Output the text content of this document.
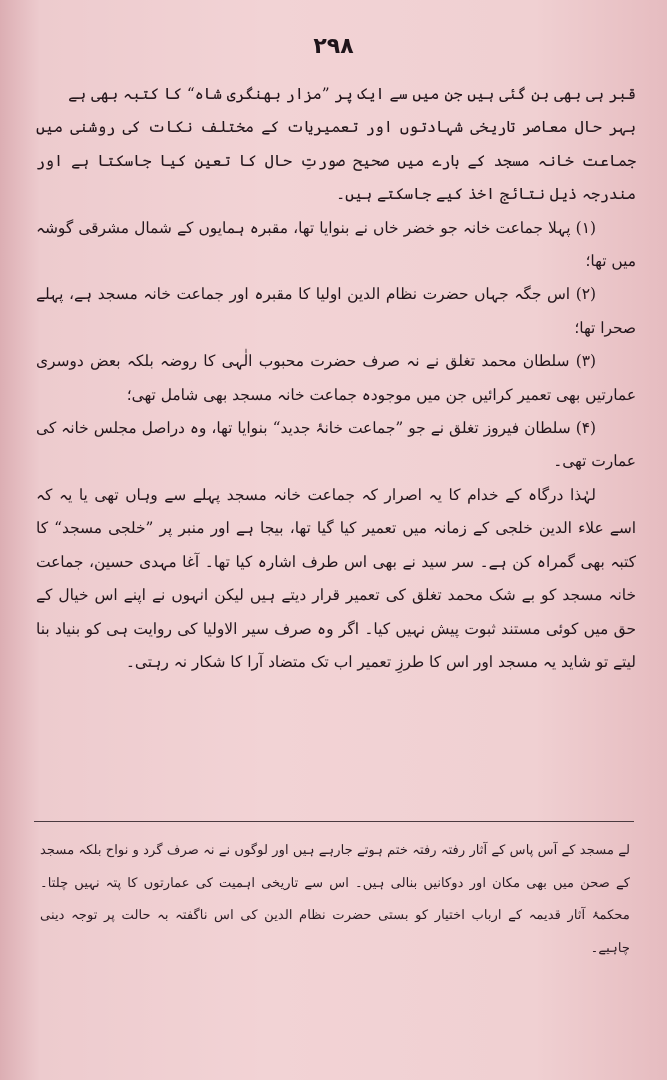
۲۹۸

قبر ہی بھی بن گئی ہیں جن میں سے ایک پر ”مزار بھنگری شاہ“ کا کتبہ بھی ہے

بہر حال معاصر تاریخی شہادتوں اور تعمیریات کے مختلف نکات کی روشنی میں جماعت خانہ مسجد کے بارے میں صحیح صورتِ حال کا تعین کیا جاسکتا ہے اور مندرجہ ذیل نتائج اخذ کیے جاسکتے ہیں۔

(۱) پہلا جماعت خانہ جو خضر خاں نے بنوایا تھا، مقبرہ ہمایوں کے شمال مشرقی گوشہ میں تھا؛

(۲) اس جگہ جہاں حضرت نظام الدین اولیا کا مقبرہ اور جماعت خانہ مسجد ہے، پہلے صحرا تھا؛

(۳) سلطان محمد تغلق نے نہ صرف حضرت محبوب الٰہی کا روضہ بلکہ بعض دوسری عمارتیں بھی تعمیر کرائیں جن میں موجودہ جماعت خانہ مسجد بھی شامل تھی؛

(۴) سلطان فیروز تغلق نے جو ”جماعت خانۂ جدید“ بنوایا تھا، وہ دراصل مجلس خانہ کی عمارت تھی۔

لہٰذا درگاہ کے خدام کا یہ اصرار کہ جماعت خانہ مسجد پہلے سے وہاں تھی یا یہ کہ اسے علاء الدین خلجی کے زمانہ میں تعمیر کیا گیا تھا، بیجا ہے اور منبر پر ”خلجی مسجد“ کا کتبہ بھی گمراہ کن ہے۔ سر سید نے بھی اس طرف اشارہ کیا تھا۔ آغا مہدی حسین، جماعت خانہ مسجد کو بے شک محمد تغلق کی تعمیر قرار دیتے ہیں لیکن انہوں نے اپنے اس خیال کے حق میں کوئی مستند ثبوت پیش نہیں کیا۔ اگر وہ صرف سیر الاولیا کی روایت ہی کو بنیاد بنا لیتے تو شاید یہ مسجد اور اس کا طرزِ تعمیر اب تک متضاد آرا کا شکار نہ رہتی۔

لے مسجد کے آس پاس کے آثار رفتہ رفتہ ختم ہوتے جارہے ہیں اور لوگوں نے نہ صرف گرد و نواح بلکہ مسجد کے صحن میں بھی مکان اور دوکانیں بنالی ہیں۔ اس سے تاریخی اہمیت کی عمارتوں کا پتہ نہیں چلتا۔ محکمۂ آثار قدیمہ کے ارباب اختیار کو بستی حضرت نظام الدین کی اس ناگفتہ بہ حالت پر توجہ دینی چاہیے۔
